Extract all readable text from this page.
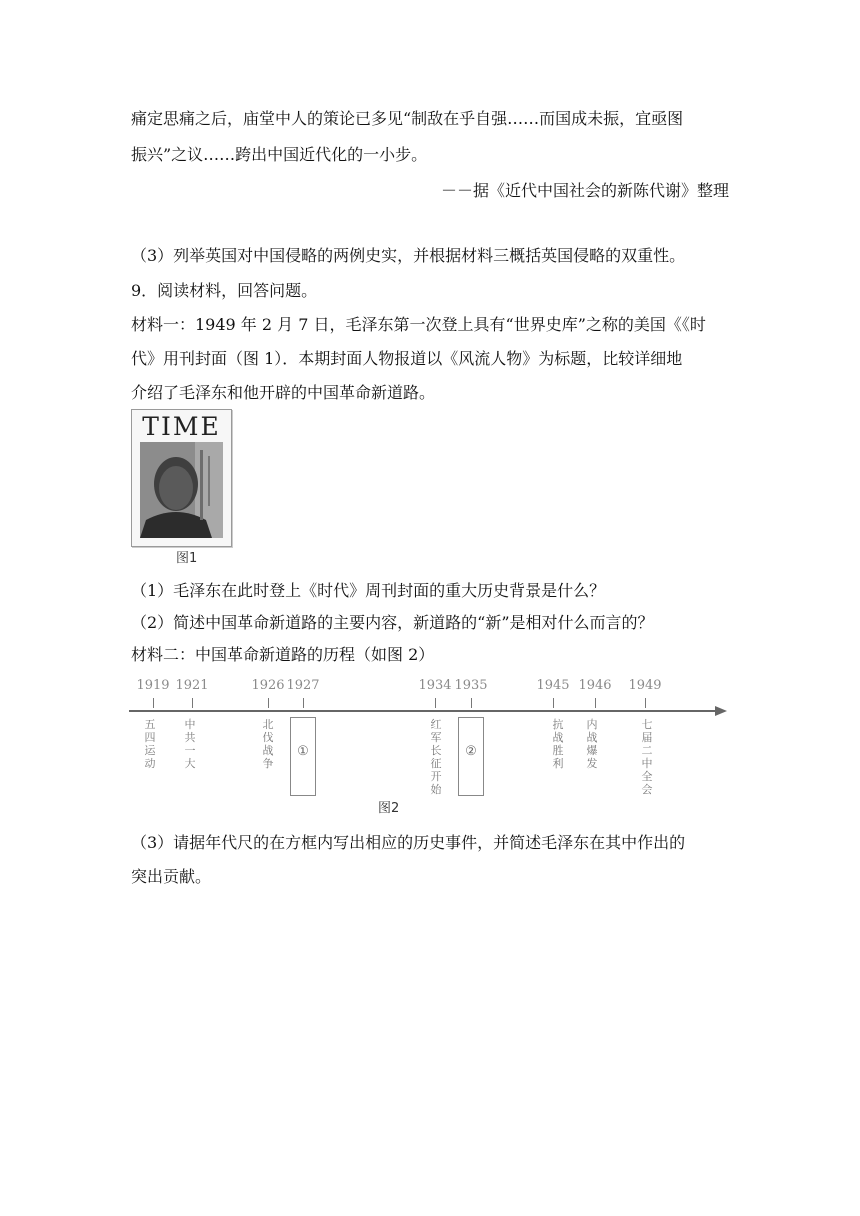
痛定思痛之后，庙堂中人的策论已多见“制敌在乎自强……而国成未振，宜亟图
振兴”之议……跨出中国近代化的一小步。
－－据《近代中国社会的新陈代谢》整理
（3）列举英国对中国侵略的两例史实，并根据材料三概括英国侵略的双重性。
9．阅读材料，回答问题。
材料一：1949 年 2 月 7 日，毛泽东第一次登上具有“世界史库”之称的美国《《时
代》用刊封面（图 1）．本期封面人物报道以《风流人物》为标题，比较详细地
介绍了毛泽东和他开辟的中国革命新道路。
TIME
图1
（1）毛泽东在此时登上《时代》周刊封面的重大历史背景是什么？
（2）简述中国革命新道路的主要内容，新道路的“新”是相对什么而言的？
材料二：中国革命新道路的历程（如图 2）
1919 1921	1926 1927	1934 1935	1945 1946 1949
五四运动
中共一大
北伐战争
红军长征开始
抗战胜利
内战爆发
七届二中全会
①	②
图2
（3）请据年代尺的在方框内写出相应的历史事件，并简述毛泽东在其中作出的
突出贡献。
